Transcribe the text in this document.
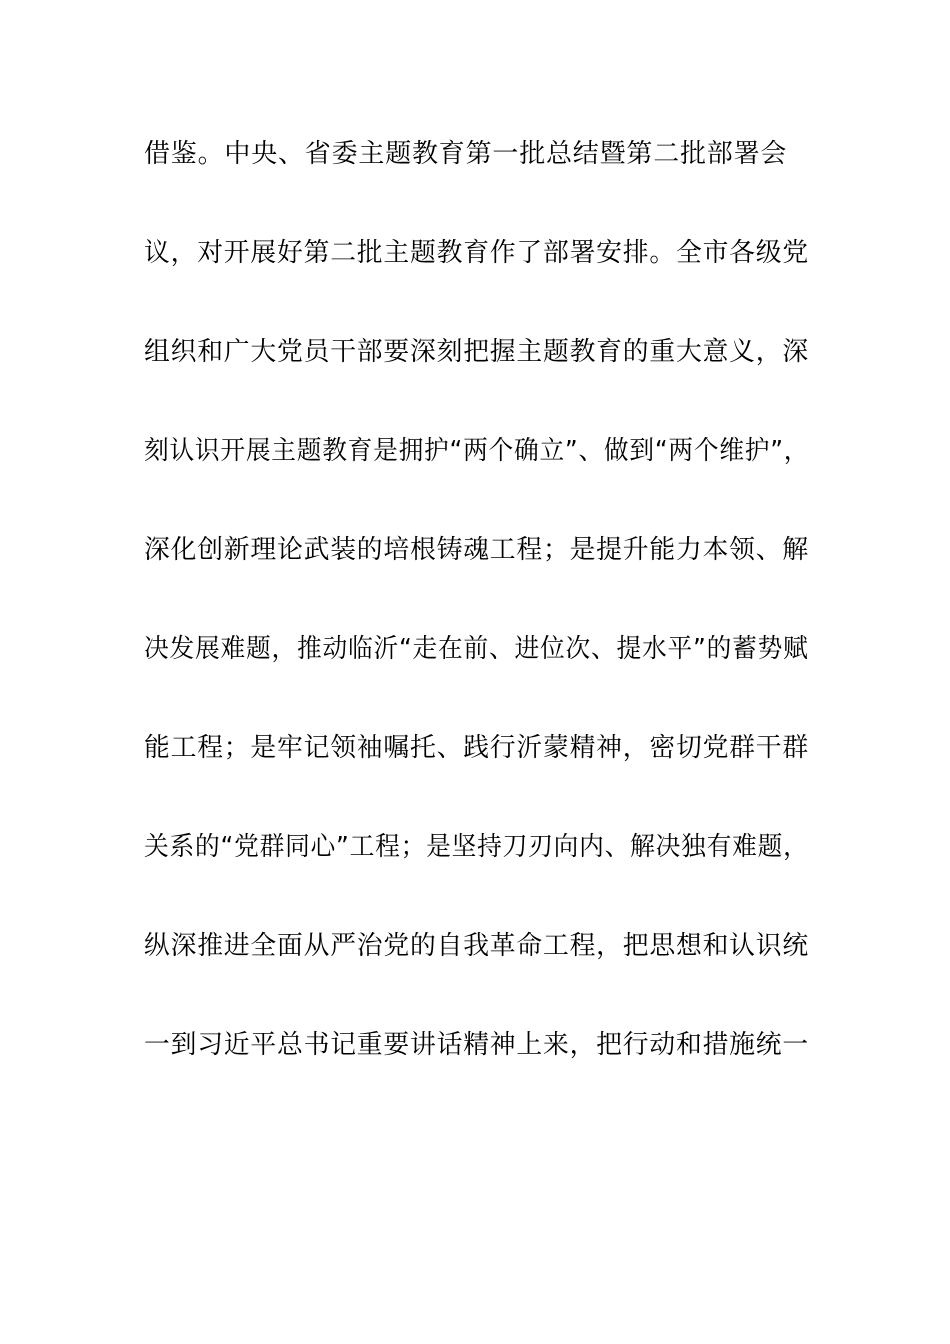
借鉴。中央、省委主题教育第一批总结暨第二批部署会
议，对开展好第二批主题教育作了部署安排。全市各级党
组织和广大党员干部要深刻把握主题教育的重大意义，深
刻认识开展主题教育是拥护“两个确立”、做到“两个维护”，
深化创新理论武装的培根铸魂工程；是提升能力本领、解
决发展难题，推动临沂“走在前、进位次、提水平”的蓄势赋
能工程；是牢记领袖嘱托、践行沂蒙精神，密切党群干群
关系的“党群同心”工程；是坚持刀刃向内、解决独有难题，
纵深推进全面从严治党的自我革命工程，把思想和认识统
一到习近平总书记重要讲话精神上来，把行动和措施统一
